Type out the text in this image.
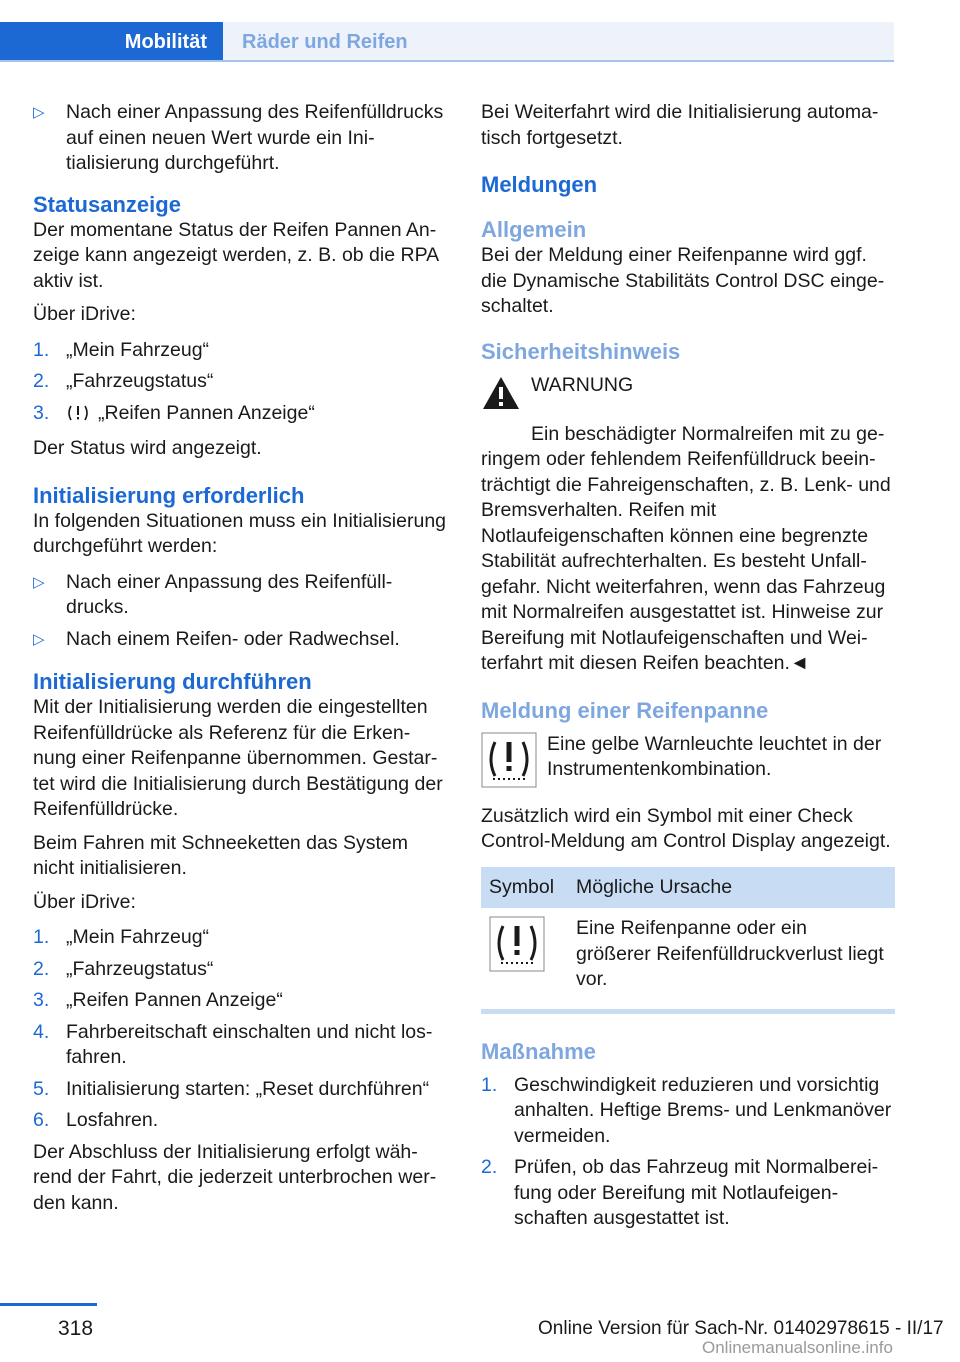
Mobilität	Räder und Reifen
▷ Nach einer Anpassung des Reifenfülldrucks auf einen neuen Wert wurde ein Initialisierung durchgeführt.
Statusanzeige

Der momentane Status der Reifen Pannen Anzeige kann angezeigt werden, z. B. ob die RPA aktiv ist.

Über iDrive:

1. „Mein Fahrzeug“
2. „Fahrzeugstatus“
3. „Reifen Pannen Anzeige“

Der Status wird angezeigt.

Initialisierung erforderlich

In folgenden Situationen muss ein Initialisierung durchgeführt werden:

▷ Nach einer Anpassung des Reifenfülldrucks.
▷ Nach einem Reifen- oder Radwechsel.
Initialisierung durchführen

Mit der Initialisierung werden die eingestellten Reifenfülldrücke als Referenz für die Erkennung einer Reifenpanne übernommen. Gestartet wird die Initialisierung durch Bestätigung der Reifenfülldrücke.

Beim Fahren mit Schneeketten das System nicht initialisieren.

Über iDrive:

1. „Mein Fahrzeug“
2. „Fahrzeugstatus“
3. „Reifen Pannen Anzeige“
4. Fahrbereitschaft einschalten und nicht losfahren.
5. Initialisierung starten: „Reset durchführen“
6. Losfahren.

Der Abschluss der Initialisierung erfolgt während der Fahrt, die jederzeit unterbrochen werden kann.

Bei Weiterfahrt wird die Initialisierung automatisch fortgesetzt.

Meldungen
Allgemein

Bei der Meldung einer Reifenpanne wird ggf. die Dynamische Stabilitäts Control DSC eingeschaltet.

Sicherheitshinweis
WARNUNG

Ein beschädigter Normalreifen mit zu geringem oder fehlendem Reifenfülldruck beeinträchtigt die Fahreigenschaften, z. B. Lenk- und Bremsverhalten. Reifen mit Notlaufeigenschaften können eine begrenzte Stabilität aufrechterhalten. Es besteht Unfallgefahr. Nicht weiterfahren, wenn das Fahrzeug mit Normalreifen ausgestattet ist. Hinweise zur Bereifung mit Notlaufeigenschaften und Weiterfahrt mit diesen Reifen beachten.◄

Meldung einer Reifenpanne
Eine gelbe Warnleuchte leuchtet in der Instrumentenkombination.

Zusätzlich wird ein Symbol mit einer Check Control-Meldung am Control Display angezeigt.

Symbol	Mögliche Ursache
	Eine Reifenpanne oder ein größerer Reifenfülldruckverlust liegt vor.
Maßnahme
1. Geschwindigkeit reduzieren und vorsichtig anhalten. Heftige Brems- und Lenkmanöver vermeiden.
2. Prüfen, ob das Fahrzeug mit Normalbereifung oder Bereifung mit Notlaufeigenschaften ausgestattet ist.
318	Online Version für Sach-Nr. 01402978615 - II/17
Onlinemanualsonline.info
